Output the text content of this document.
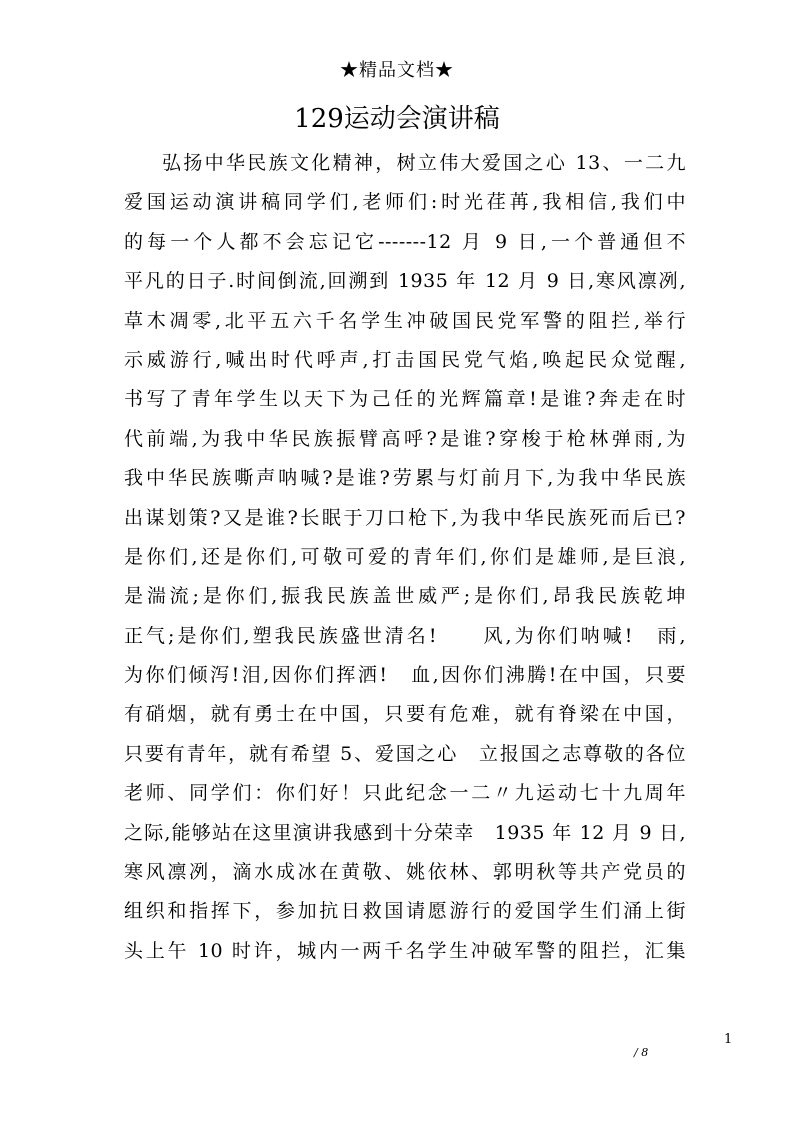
★精品文档★
129运动会演讲稿
弘扬中华民族文化精神，树立伟大爱国之心 13、一二九
爱国运动演讲稿同学们,老师们:时光荏苒,我相信,我们中
的每一个人都不会忘记它-------12 月 9 日,一个普通但不
平凡的日子.时间倒流,回溯到 1935 年 12 月 9 日,寒风凛冽,
草木凋零,北平五六千名学生冲破国民党军警的阻拦,举行
示威游行,喊出时代呼声,打击国民党气焰,唤起民众觉醒,
书写了青年学生以天下为己任的光辉篇章!是谁?奔走在时
代前端,为我中华民族振臂高呼?是谁?穿梭于枪林弹雨,为
我中华民族嘶声呐喊?是谁?劳累与灯前月下,为我中华民族
出谋划策?又是谁?长眠于刀口枪下,为我中华民族死而后已?
是你们,还是你们,可敬可爱的青年们,你们是雄师,是巨浪,
是湍流;是你们,振我民族盖世威严;是你们,昂我民族乾坤
正气;是你们,塑我民族盛世清名!　　风,为你们呐喊!　雨,
为你们倾泻!泪,因你们挥洒!　血,因你们沸腾!在中国，只要
有硝烟，就有勇士在中国，只要有危难，就有脊梁在中国，
只要有青年，就有希望 5、爱国之心　立报国之志尊敬的各位
老师、同学们：你们好！只此纪念一二〃九运动七十九周年
之际,能够站在这里演讲我感到十分荣幸　1935 年 12 月 9 日,
寒风凛冽，滴水成冰在黄敬、姚依林、郭明秋等共产党员的
组织和指挥下，参加抗日救国请愿游行的爱国学生们涌上街
头上午 10 时许，城内一两千名学生冲破军警的阻拦，汇集
1
/ 8
